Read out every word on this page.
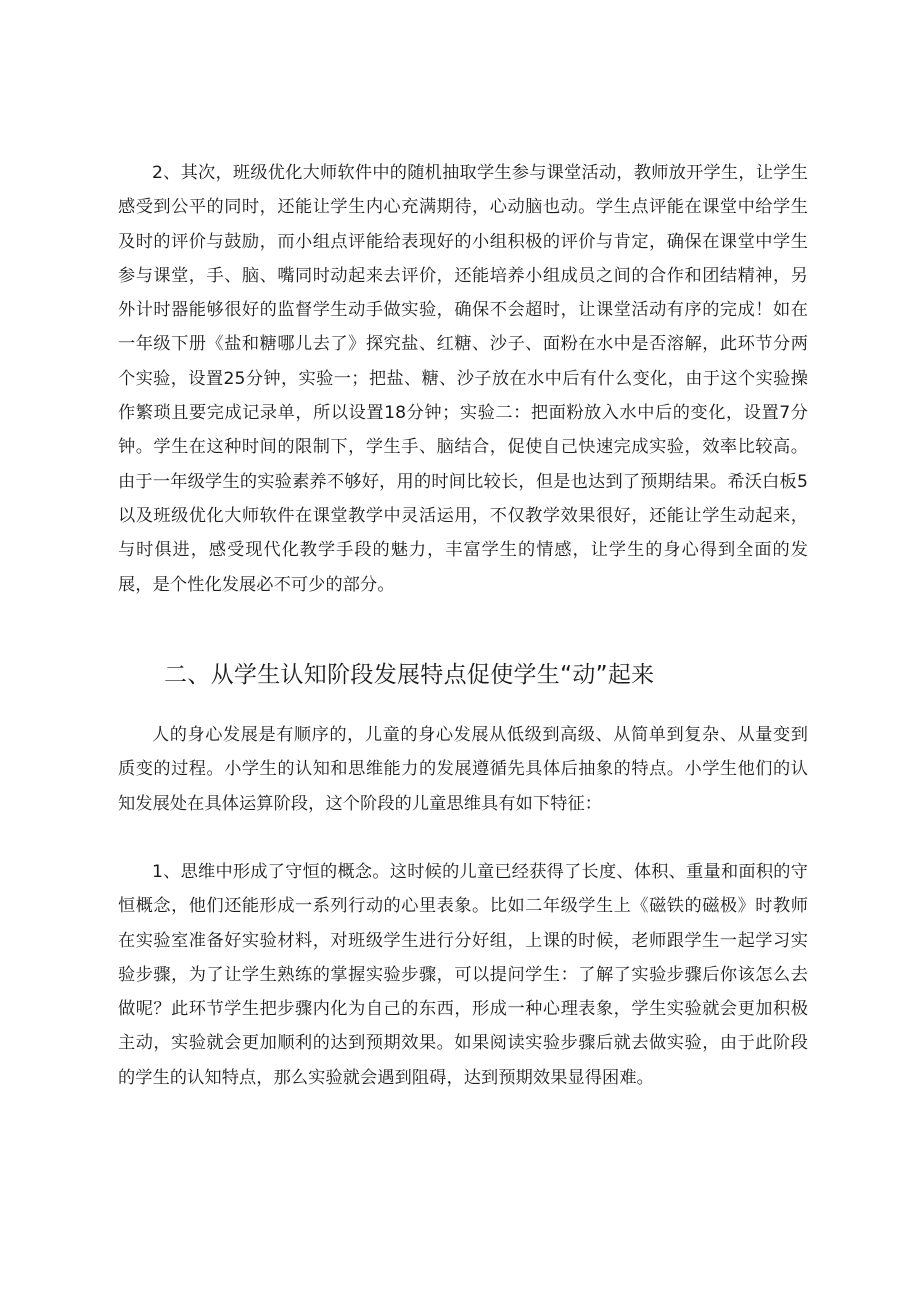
2、其次，班级优化大师软件中的随机抽取学生参与课堂活动，教师放开学生，让学生感受到公平的同时，还能让学生内心充满期待，心动脑也动。学生点评能在课堂中给学生及时的评价与鼓励，而小组点评能给表现好的小组积极的评价与肯定，确保在课堂中学生参与课堂，手、脑、嘴同时动起来去评价，还能培养小组成员之间的合作和团结精神，另外计时器能够很好的监督学生动手做实验，确保不会超时，让课堂活动有序的完成！如在一年级下册《盐和糖哪儿去了》探究盐、红糖、沙子、面粉在水中是否溶解，此环节分两个实验，设置25分钟，实验一；把盐、糖、沙子放在水中后有什么变化，由于这个实验操作繁琐且要完成记录单，所以设置18分钟；实验二：把面粉放入水中后的变化，设置7分钟。学生在这种时间的限制下，学生手、脑结合，促使自己快速完成实验，效率比较高。由于一年级学生的实验素养不够好，用的时间比较长，但是也达到了预期结果。希沃白板5以及班级优化大师软件在课堂教学中灵活运用，不仅教学效果很好，还能让学生动起来，与时俱进，感受现代化教学手段的魅力，丰富学生的情感，让学生的身心得到全面的发展，是个性化发展必不可少的部分。

二、从学生认知阶段发展特点促使学生“动”起来

人的身心发展是有顺序的，儿童的身心发展从低级到高级、从简单到复杂、从量变到质变的过程。小学生的认知和思维能力的发展遵循先具体后抽象的特点。小学生他们的认知发展处在具体运算阶段，这个阶段的儿童思维具有如下特征：

1、思维中形成了守恒的概念。这时候的儿童已经获得了长度、体积、重量和面积的守恒概念，他们还能形成一系列行动的心里表象。比如二年级学生上《磁铁的磁极》时教师在实验室准备好实验材料，对班级学生进行分好组，上课的时候，老师跟学生一起学习实验步骤，为了让学生熟练的掌握实验步骤，可以提问学生：了解了实验步骤后你该怎么去做呢？此环节学生把步骤内化为自己的东西，形成一种心理表象，学生实验就会更加积极主动，实验就会更加顺利的达到预期效果。如果阅读实验步骤后就去做实验，由于此阶段的学生的认知特点，那么实验就会遇到阻碍，达到预期效果显得困难。
